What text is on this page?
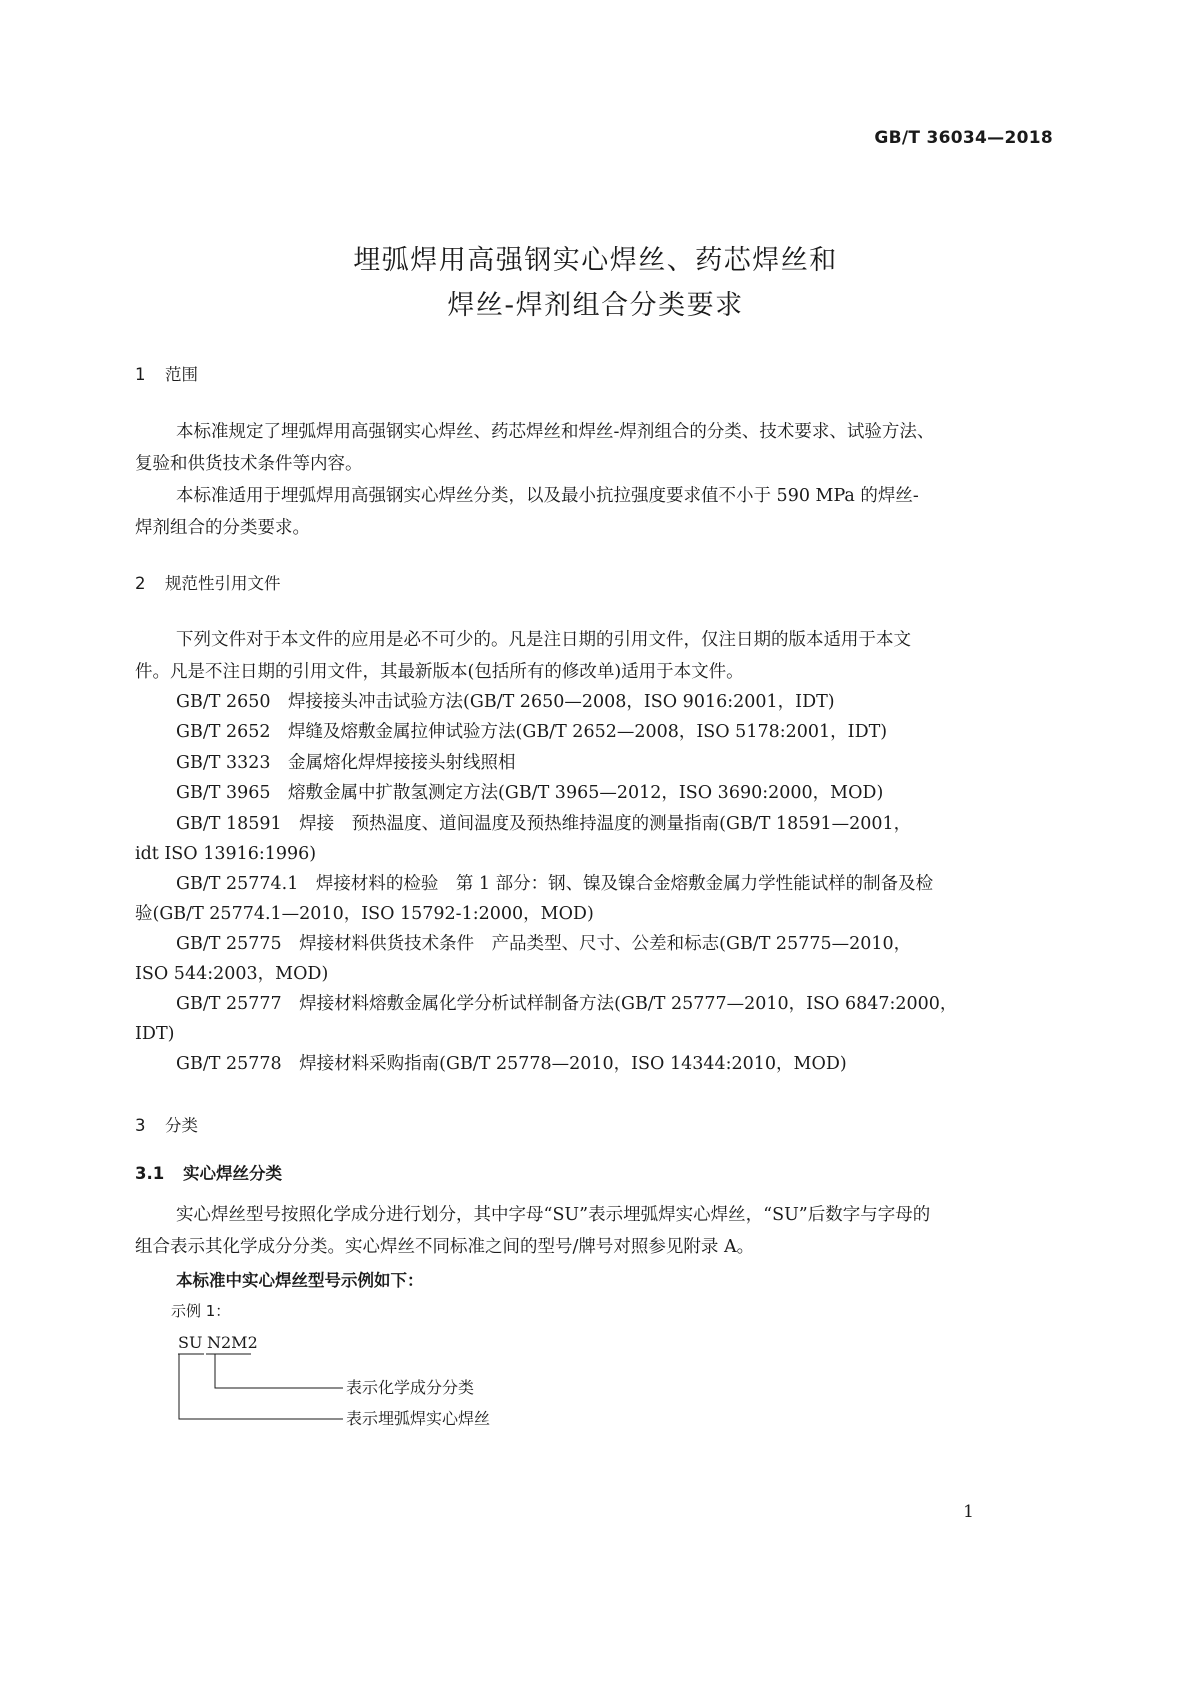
GB/T 36034—2018
埋弧焊用高强钢实心焊丝、药芯焊丝和
焊丝-焊剂组合分类要求
1 范围
本标准规定了埋弧焊用高强钢实心焊丝、药芯焊丝和焊丝-焊剂组合的分类、技术要求、试验方法、
复验和供货技术条件等内容。
本标准适用于埋弧焊用高强钢实心焊丝分类，以及最小抗拉强度要求值不小于 590 MPa 的焊丝-
焊剂组合的分类要求。
2 规范性引用文件
下列文件对于本文件的应用是必不可少的。凡是注日期的引用文件，仅注日期的版本适用于本文
件。凡是不注日期的引用文件，其最新版本(包括所有的修改单)适用于本文件。
GB/T 2650　焊接接头冲击试验方法(GB/T 2650—2008，ISO 9016:2001，IDT)
GB/T 2652　焊缝及熔敷金属拉伸试验方法(GB/T 2652—2008，ISO 5178:2001，IDT)
GB/T 3323　金属熔化焊焊接接头射线照相
GB/T 3965　熔敷金属中扩散氢测定方法(GB/T 3965—2012，ISO 3690:2000，MOD)
GB/T 18591　焊接　预热温度、道间温度及预热维持温度的测量指南(GB/T 18591—2001，
idt ISO 13916:1996)
GB/T 25774.1　焊接材料的检验　第 1 部分：钢、镍及镍合金熔敷金属力学性能试样的制备及检
验(GB/T 25774.1—2010，ISO 15792-1:2000，MOD)
GB/T 25775　焊接材料供货技术条件　产品类型、尺寸、公差和标志(GB/T 25775—2010，
ISO 544:2003，MOD)
GB/T 25777　焊接材料熔敷金属化学分析试样制备方法(GB/T 25777—2010，ISO 6847:2000，
IDT)
GB/T 25778　焊接材料采购指南(GB/T 25778—2010，ISO 14344:2010，MOD)
3 分类
3.1 实心焊丝分类
实心焊丝型号按照化学成分进行划分，其中字母“SU”表示埋弧焊实心焊丝，“SU”后数字与字母的
组合表示其化学成分分类。实心焊丝不同标准之间的型号/牌号对照参见附录 A。
本标准中实心焊丝型号示例如下：
示例 1：
SU N2M2
表示化学成分分类
表示埋弧焊实心焊丝
1
